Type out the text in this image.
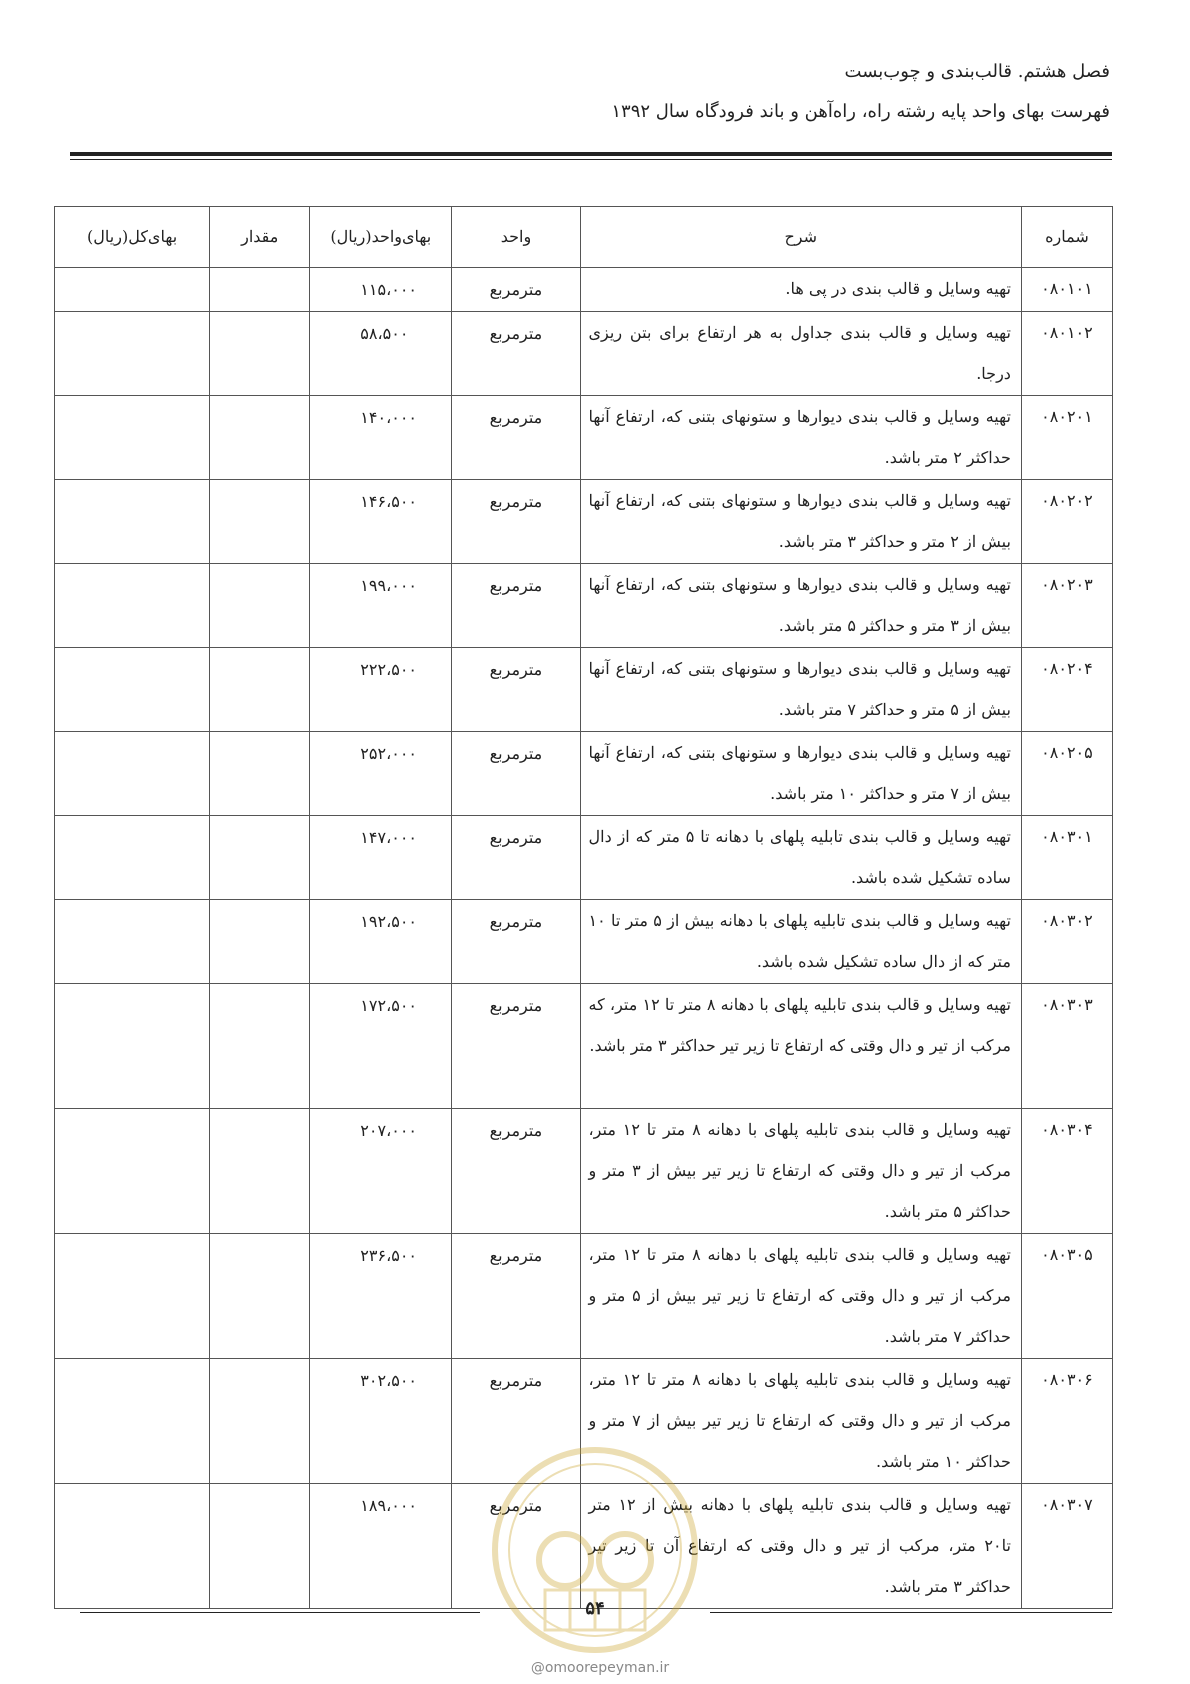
فصل هشتم. قالب‌بندی و چوب‌بست
فهرست بهای واحد پایه رشته راه، راه‌آهن و باند فرودگاه سال ۱۳۹۲
شماره	شرح	واحد	بهای‌واحد(ریال)	مقدار	بهای‌کل(ریال)
۰۸۰۱۰۱	تهیه وسایل و قالب بندی در پی ها.	مترمربع	۱۱۵،۰۰۰		
۰۸۰۱۰۲	تهیه وسایل و قالب بندی جداول به هر ارتفاع برای بتن ریزی درجا.	مترمربع	۵۸،۵۰۰		
۰۸۰۲۰۱	تهیه وسایل و قالب بندی دیوارها و ستونهای بتنی که، ارتفاع آنها حداکثر ۲ متر باشد.	مترمربع	۱۴۰،۰۰۰		
۰۸۰۲۰۲	تهیه وسایل و قالب بندی دیوارها و ستونهای بتنی که، ارتفاع آنها بیش از ۲ متر و حداکثر ۳ متر باشد.	مترمربع	۱۴۶،۵۰۰		
۰۸۰۲۰۳	تهیه وسایل و قالب بندی دیوارها و ستونهای بتنی که، ارتفاع آنها بیش از ۳ متر و حداکثر ۵ متر باشد.	مترمربع	۱۹۹،۰۰۰		
۰۸۰۲۰۴	تهیه وسایل و قالب بندی دیوارها و ستونهای بتنی که، ارتفاع آنها بیش از ۵ متر و حداکثر ۷ متر باشد.	مترمربع	۲۲۲،۵۰۰		
۰۸۰۲۰۵	تهیه وسایل و قالب بندی دیوارها و ستونهای بتنی که، ارتفاع آنها بیش از ۷ متر و حداکثر ۱۰ متر باشد.	مترمربع	۲۵۲،۰۰۰		
۰۸۰۳۰۱	تهیه وسایل و قالب بندی تابلیه پلهای با دهانه تا ۵ متر که از دال ساده تشکیل شده باشد.	مترمربع	۱۴۷،۰۰۰		
۰۸۰۳۰۲	تهیه وسایل و قالب بندی تابلیه پلهای با دهانه بیش از ۵ متر تا ۱۰ متر که از دال ساده تشکیل شده باشد.	مترمربع	۱۹۲،۵۰۰		
۰۸۰۳۰۳	تهیه وسایل و قالب بندی تابلیه پلهای با دهانه ۸ متر تا ۱۲ متر، که مرکب از تیر و دال وقتی که ارتفاع تا زیر تیر حداکثر ۳ متر باشد.	مترمربع	۱۷۲،۵۰۰		
۰۸۰۳۰۴	تهیه وسایل و قالب بندی تابلیه پلهای با دهانه ۸ متر تا ۱۲ متر، مرکب از تیر و دال وقتی که ارتفاع تا زیر تیر بیش از ۳ متر و حداکثر ۵ متر باشد.	مترمربع	۲۰۷،۰۰۰		
۰۸۰۳۰۵	تهیه وسایل و قالب بندی تابلیه پلهای با دهانه ۸ متر تا ۱۲ متر، مرکب از تیر و دال وقتی که ارتفاع تا زیر تیر بیش از ۵ متر و حداکثر ۷ متر باشد.	مترمربع	۲۳۶،۵۰۰		
۰۸۰۳۰۶	تهیه وسایل و قالب بندی تابلیه پلهای با دهانه ۸ متر تا ۱۲ متر، مرکب از تیر و دال وقتی که ارتفاع تا زیر تیر بیش از ۷ متر و حداکثر ۱۰ متر باشد.	مترمربع	۳۰۲،۵۰۰		
۰۸۰۳۰۷	تهیه وسایل و قالب بندی تابلیه پلهای با دهانه بیش از ۱۲ متر تا۲۰ متر، مرکب از تیر و دال وقتی که ارتفاع آن تا زیر تیر حداکثر ۳ متر باشد.	مترمربع	۱۸۹،۰۰۰		
۵۴
@omoorepeyman.ir
